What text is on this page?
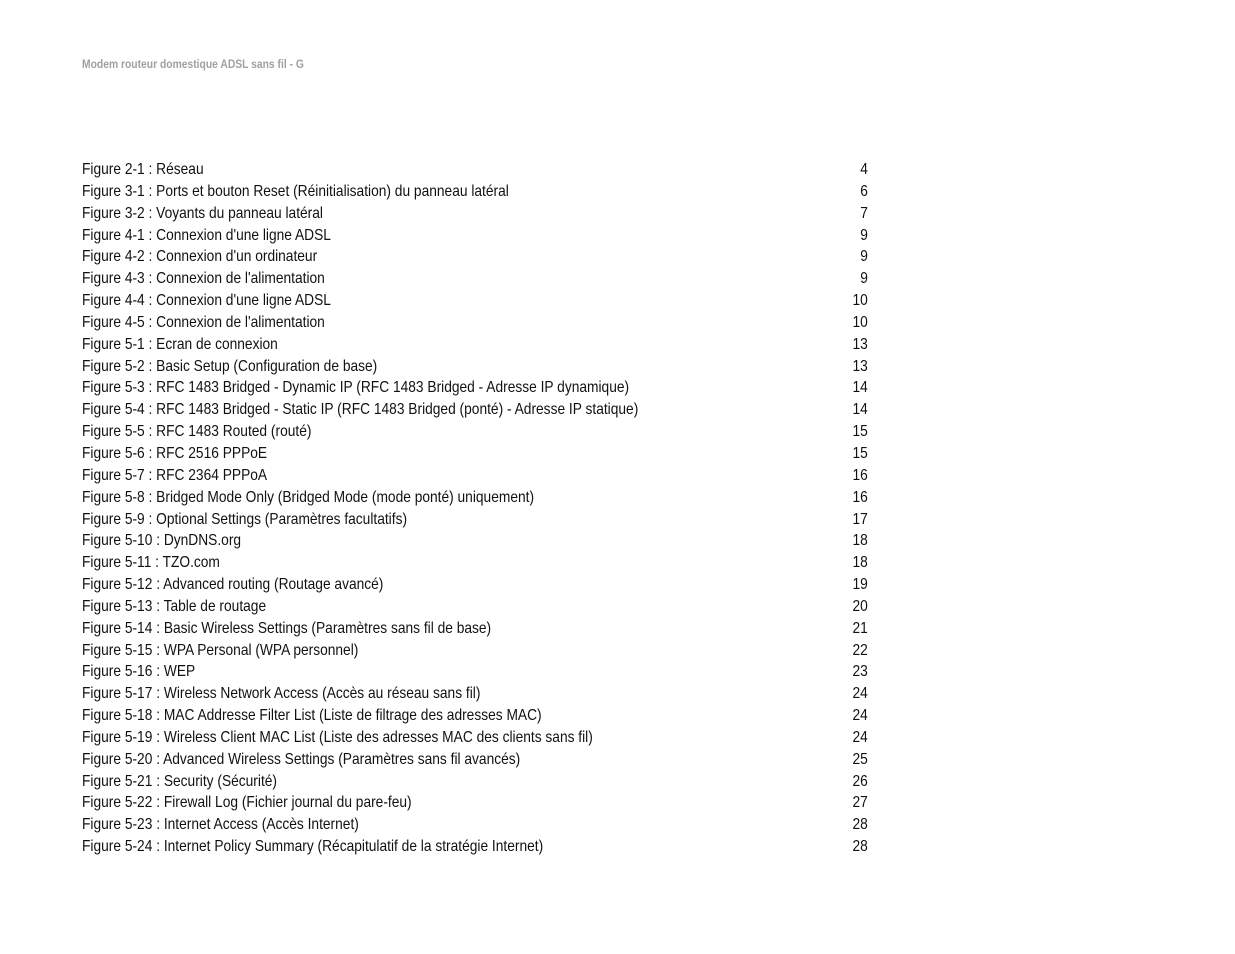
Modem routeur domestique ADSL sans fil - G
Figure 2-1 : Réseau	4
Figure 3-1 : Ports et bouton Reset (Réinitialisation) du panneau latéral	6
Figure 3-2 : Voyants du panneau latéral	7
Figure 4-1 : Connexion d'une ligne ADSL	9
Figure 4-2 : Connexion d'un ordinateur	9
Figure 4-3 : Connexion de l'alimentation	9
Figure 4-4 : Connexion d'une ligne ADSL	10
Figure 4-5 : Connexion de l'alimentation	10
Figure 5-1 : Ecran de connexion	13
Figure 5-2 : Basic Setup (Configuration de base)	13
Figure 5-3 : RFC 1483 Bridged - Dynamic IP (RFC 1483 Bridged - Adresse IP dynamique)	14
Figure 5-4 : RFC 1483 Bridged - Static IP (RFC 1483 Bridged (ponté) - Adresse IP statique)	14
Figure 5-5 : RFC 1483 Routed (routé)	15
Figure 5-6 : RFC 2516 PPPoE	15
Figure 5-7 : RFC 2364 PPPoA	16
Figure 5-8 : Bridged Mode Only (Bridged Mode (mode ponté) uniquement)	16
Figure 5-9 : Optional Settings (Paramètres facultatifs)	17
Figure 5-10 : DynDNS.org	18
Figure 5-11 : TZO.com	18
Figure 5-12 : Advanced routing (Routage avancé)	19
Figure 5-13 : Table de routage	20
Figure 5-14 : Basic Wireless Settings (Paramètres sans fil de base)	21
Figure 5-15 : WPA Personal (WPA personnel)	22
Figure 5-16 : WEP	23
Figure 5-17 : Wireless Network Access (Accès au réseau sans fil)	24
Figure 5-18 : MAC Addresse Filter List (Liste de filtrage des adresses MAC)	24
Figure 5-19 : Wireless Client MAC List (Liste des adresses MAC des clients sans fil)	24
Figure 5-20 : Advanced Wireless Settings (Paramètres sans fil avancés)	25
Figure 5-21 : Security (Sécurité)	26
Figure 5-22 : Firewall Log (Fichier journal du pare-feu)	27
Figure 5-23 : Internet Access (Accès Internet)	28
Figure 5-24 : Internet Policy Summary (Récapitulatif de la stratégie Internet)	28
